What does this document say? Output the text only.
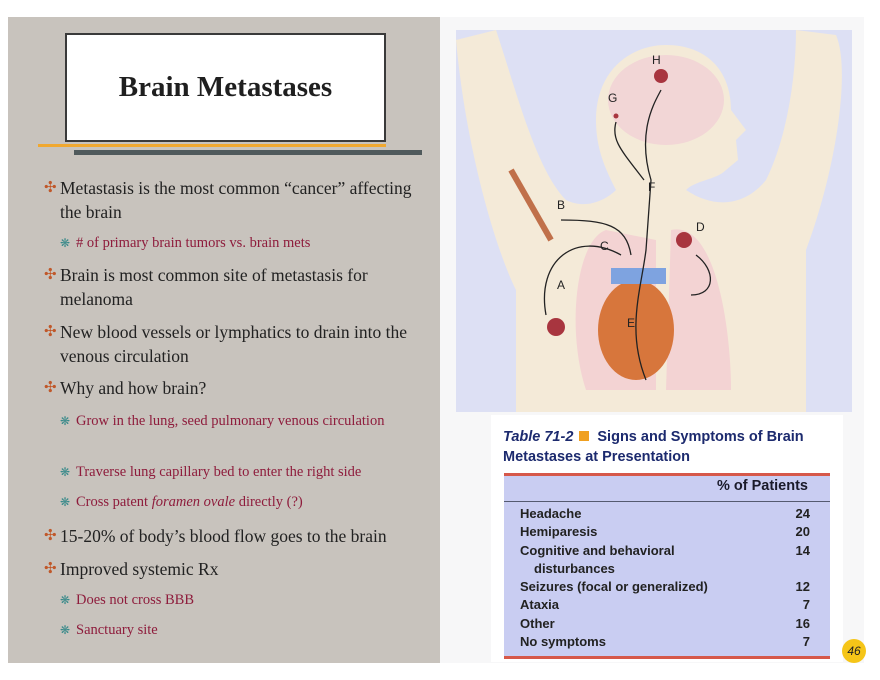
Brain Metastases
✣ Metastasis is the most common “cancer” affecting the brain
❋ # of primary brain tumors vs. brain mets
✣ Brain is most common site of metastasis for melanoma
✣ New blood vessels or lymphatics to drain into the venous circulation
✣ Why and how brain?
❋ Grow in the lung, seed pulmonary venous circulation
❋ Traverse lung capillary bed to enter the right side
❋ Cross patent foramen ovale directly (?)
✣ 15-20% of body’s blood flow goes to the brain
✣ Improved systemic Rx
❋ Does not cross BBB
❋ Sanctuary site
H
G
F
B
D
C
A
E
Table 71-2 Signs and Symptoms of Brain Metastases at Presentation
% of Patients
Headache	24
Hemiparesis	20
Cognitive and behavioral	14

disturbances
Seizures (focal or generalized)	12
Ataxia	7
Other	16
No symptoms	7
46
